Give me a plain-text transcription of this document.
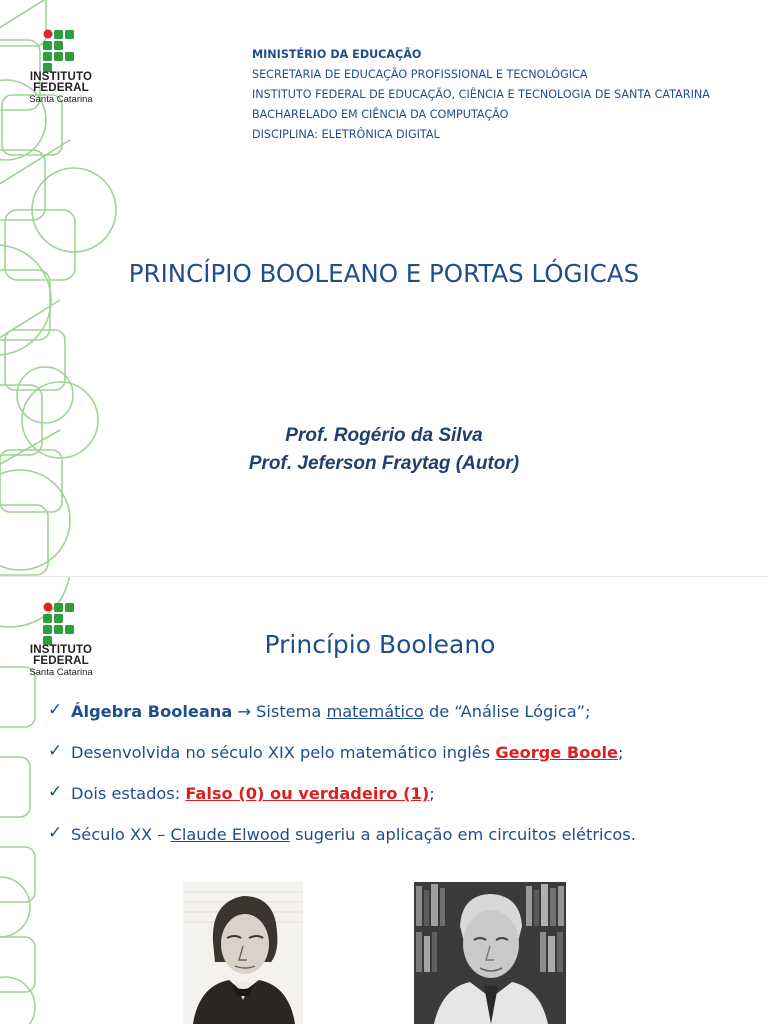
INSTITUTO
FEDERAL
Santa Catarina
MINISTÉRIO DA EDUCAÇÃO
SECRETARIA DE EDUCAÇÃO PROFISSIONAL E TECNOLÓGICA
INSTITUTO FEDERAL DE EDUCAÇÃO, CIÊNCIA E TECNOLOGIA DE SANTA CATARINA
BACHARELADO EM CIÊNCIA DA COMPUTAÇÃO
DISCIPLINA: ELETRÔNICA DIGITAL
PRINCÍPIO BOOLEANO E PORTAS LÓGICAS
Prof. Rogério da Silva
Prof. Jeferson Fraytag (Autor)
INSTITUTO
FEDERAL
Santa Catarina
Princípio Booleano
✓ Álgebra Booleana → Sistema matemático de “Análise Lógica”;
✓ Desenvolvida no século XIX pelo matemático inglês George Boole;
✓ Dois estados: Falso (0) ou verdadeiro (1);
✓ Século XX – Claude Elwood sugeriu a aplicação em circuitos elétricos.
